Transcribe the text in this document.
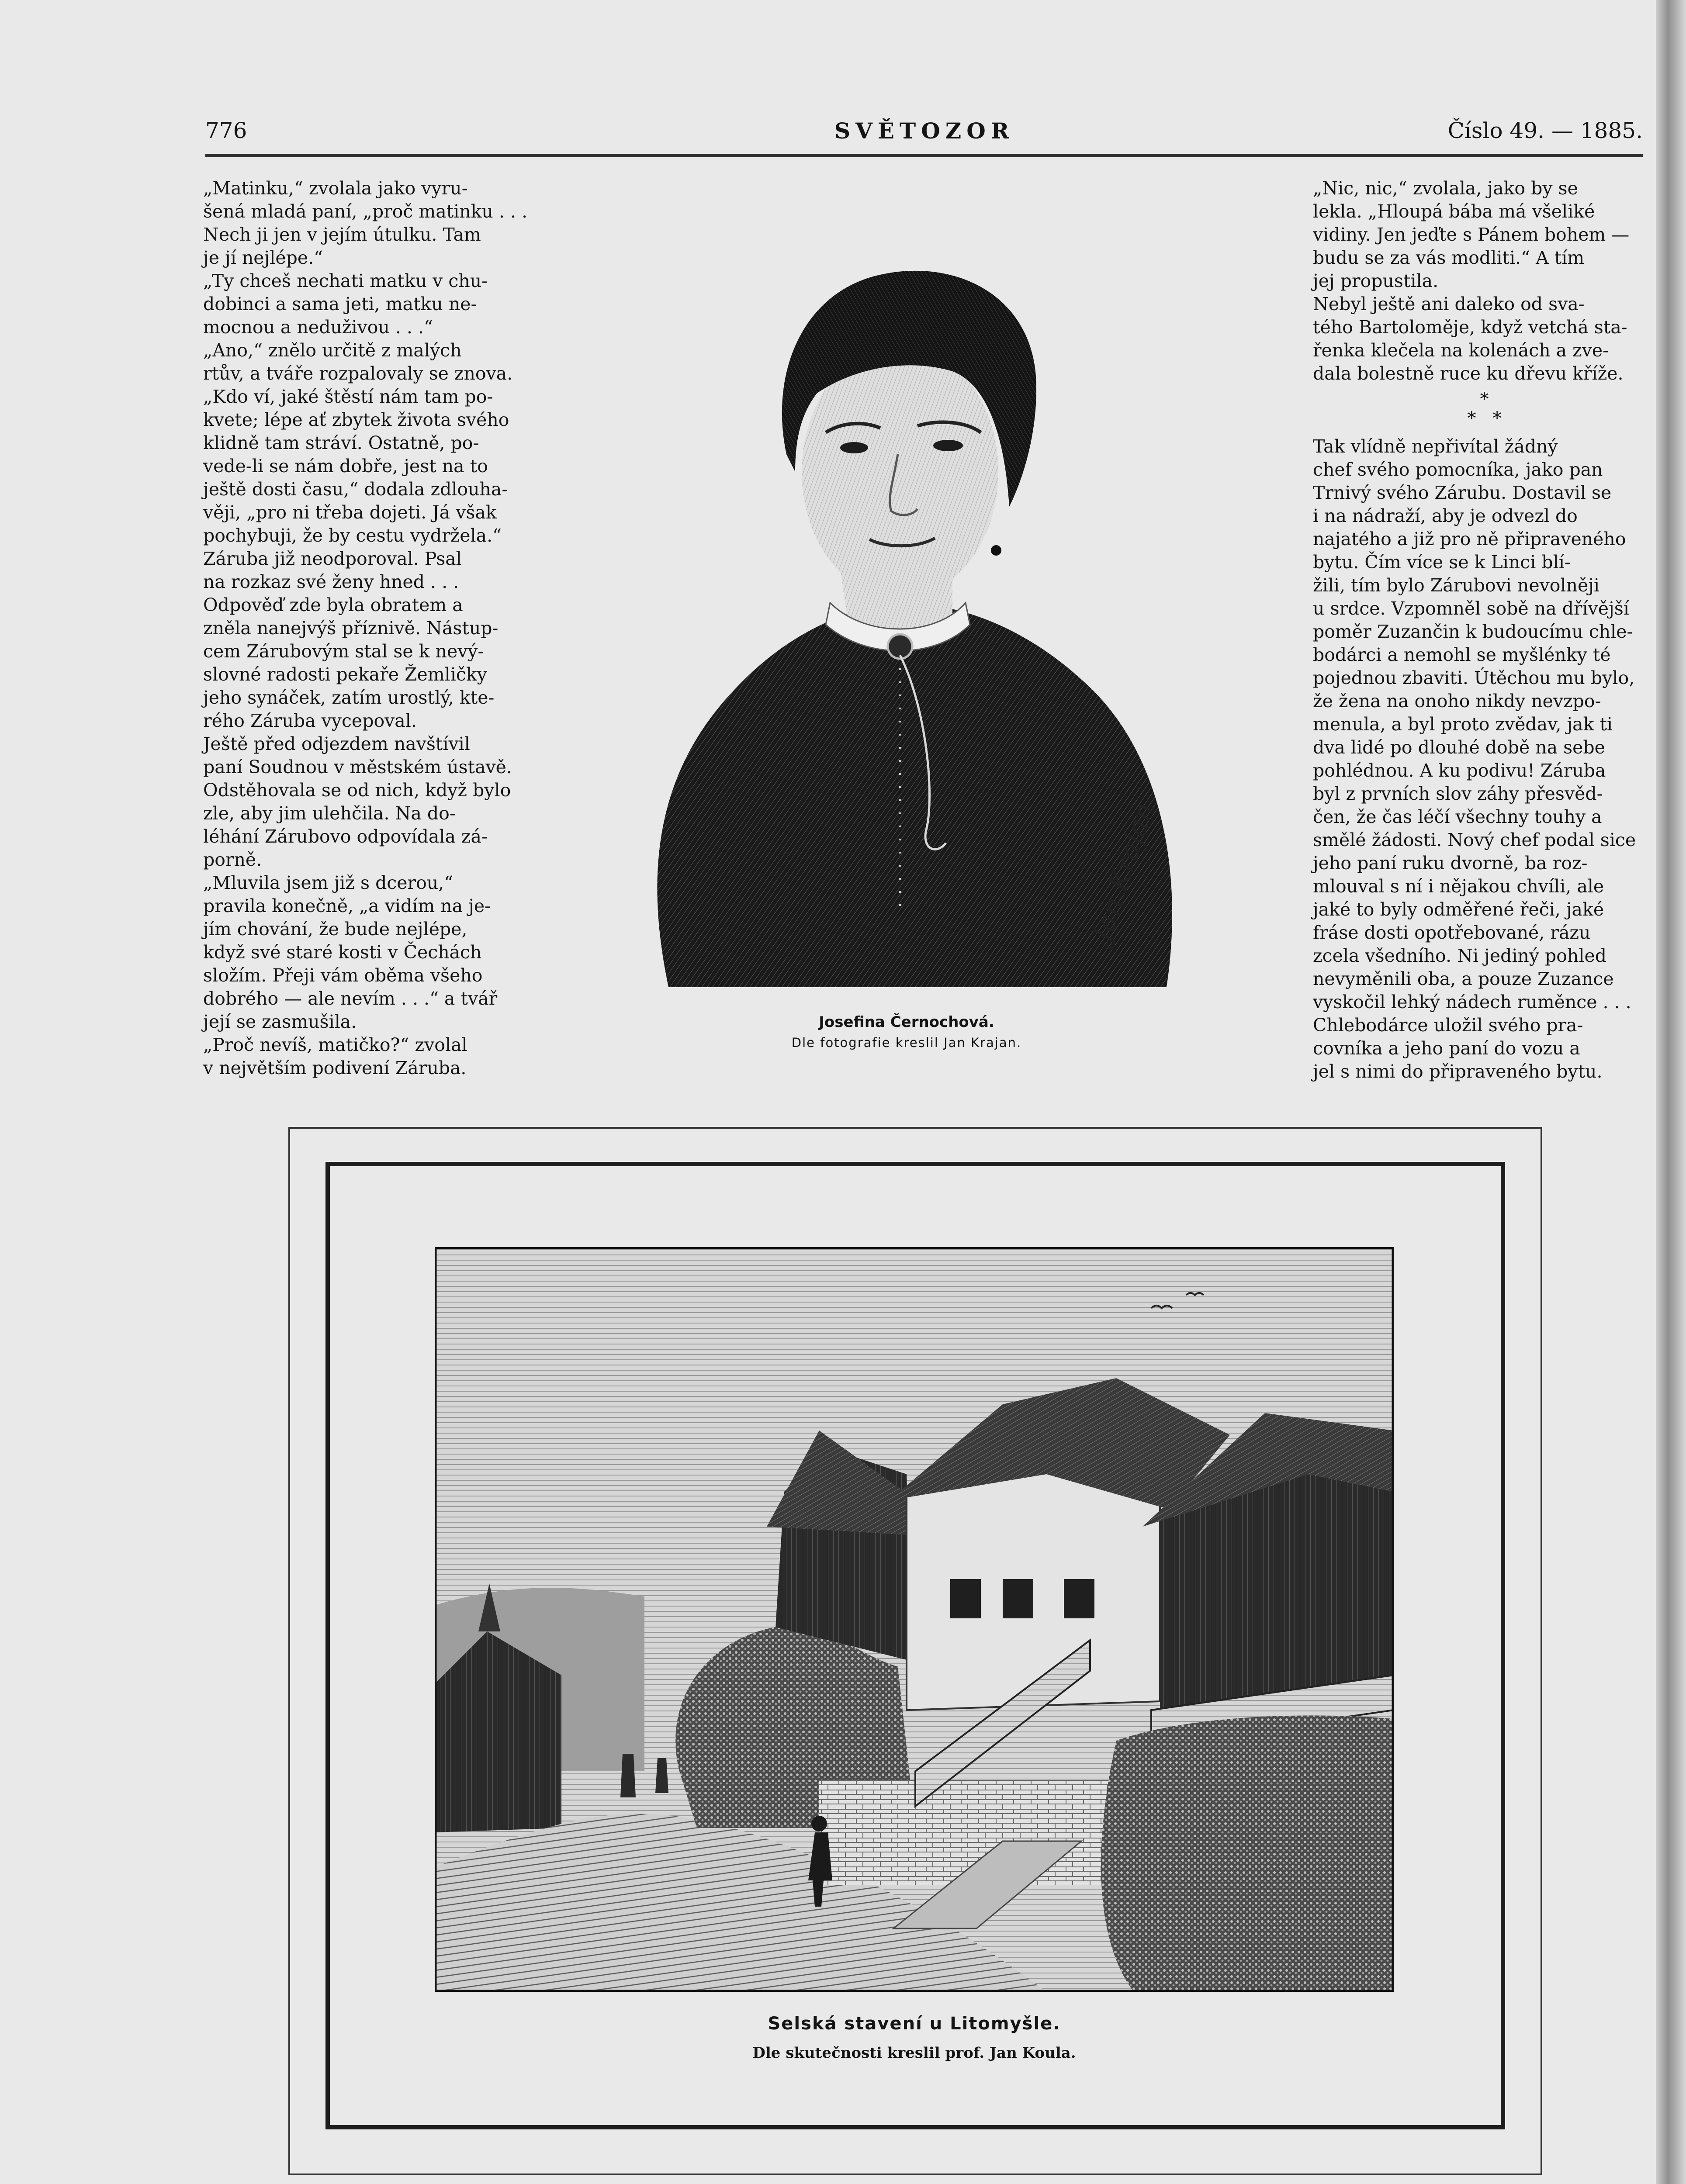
776	SVĚTOZOR	Číslo 49. — 1885.

„Matinku,“ zvolala jako vyru-
šená mladá paní, „proč matinku . . .
Nech ji jen v jejím útulku. Tam
je jí nejlépe.“

„Ty chceš nechati matku v chu-
dobinci a sama jeti, matku ne-
mocnou a neduživou . . .“

„Ano,“ znělo určitě z malých
rtův, a tváře rozpalovaly se znova.
„Kdo ví, jaké štěstí nám tam po-
kvete; lépe ať zbytek života svého
klidně tam stráví. Ostatně, po-
vede-li se nám dobře, jest na to
ještě dosti času,“ dodala zdlouha-
věji, „pro ni třeba dojeti. Já však
pochybuji, že by cestu vydržela.“

Záruba již neodporoval. Psal
na rozkaz své ženy hned . . .
Odpověď zde byla obratem a
zněla nanejvýš příznivě. Nástup-
cem Zárubovým stal se k nevý-
slovné radosti pekaře Žemličky
jeho synáček, zatím urostlý, kte-
rého Záruba vycepoval.

Ještě před odjezdem navštívil
paní Soudnou v městském ústavě.
Odstěhovala se od nich, když bylo
zle, aby jim ulehčila. Na do-
léhání Zárubovo odpovídala zá-
porně.

„Mluvila jsem již s dcerou,“
pravila konečně, „a vidím na je-
jím chování, že bude nejlépe,
když své staré kosti v Čechách
složím. Přeji vám oběma všeho
dobrého — ale nevím . . .“ a tvář
její se zasmušila.

„Proč nevíš, matičko?“ zvolal
v největším podivení Záruba.

„Nic, nic,“ zvolala, jako by se
lekla. „Hloupá bába má všeliké
vidiny. Jen jeďte s Pánem bohem —
budu se za vás modliti.“ A tím
jej propustila.

Nebyl ještě ani daleko od sva-
tého Bartoloměje, když vetchá sta-
řenka klečela na kolenách a zve-
dala bolestně ruce ku dřevu kříže.

*
*   *

Tak vlídně nepřivítal žádný
chef svého pomocníka, jako pan
Trnivý svého Zárubu. Dostavil se
i na nádraží, aby je odvezl do
najatého a již pro ně připraveného
bytu. Čím více se k Linci blí-
žili, tím bylo Zárubovi nevolněji
u srdce. Vzpomněl sobě na dřívější
poměr Zuzančin k budoucímu chle-
bodárci a nemohl se myšlénky té
pojednou zbaviti. Útěchou mu bylo,
že žena na onoho nikdy nevzpo-
menula, a byl proto zvědav, jak ti
dva lidé po dlouhé době na sebe
pohlédnou. A ku podivu! Záruba
byl z prvních slov záhy přesvěd-
čen, že čas léčí všechny touhy a
smělé žádosti. Nový chef podal sice
jeho paní ruku dvorně, ba roz-
mlouval s ní i nějakou chvíli, ale
jaké to byly odměřené řeči, jaké
fráse dosti opotřebované, rázu
zcela všedního. Ni jediný pohled
nevyměnili oba, a pouze Zuzance
vyskočil lehký nádech ruměnce . . .

Chlebodárce uložil svého pra-
covníka a jeho paní do vozu a
jel s nimi do připraveného bytu.

Jan Krajan
Josefina Černochová.
Dle fotografie kreslil Jan Krajan.
Selská stavení u Litomyšle.
Dle skutečnosti kreslil prof. Jan Koula.
